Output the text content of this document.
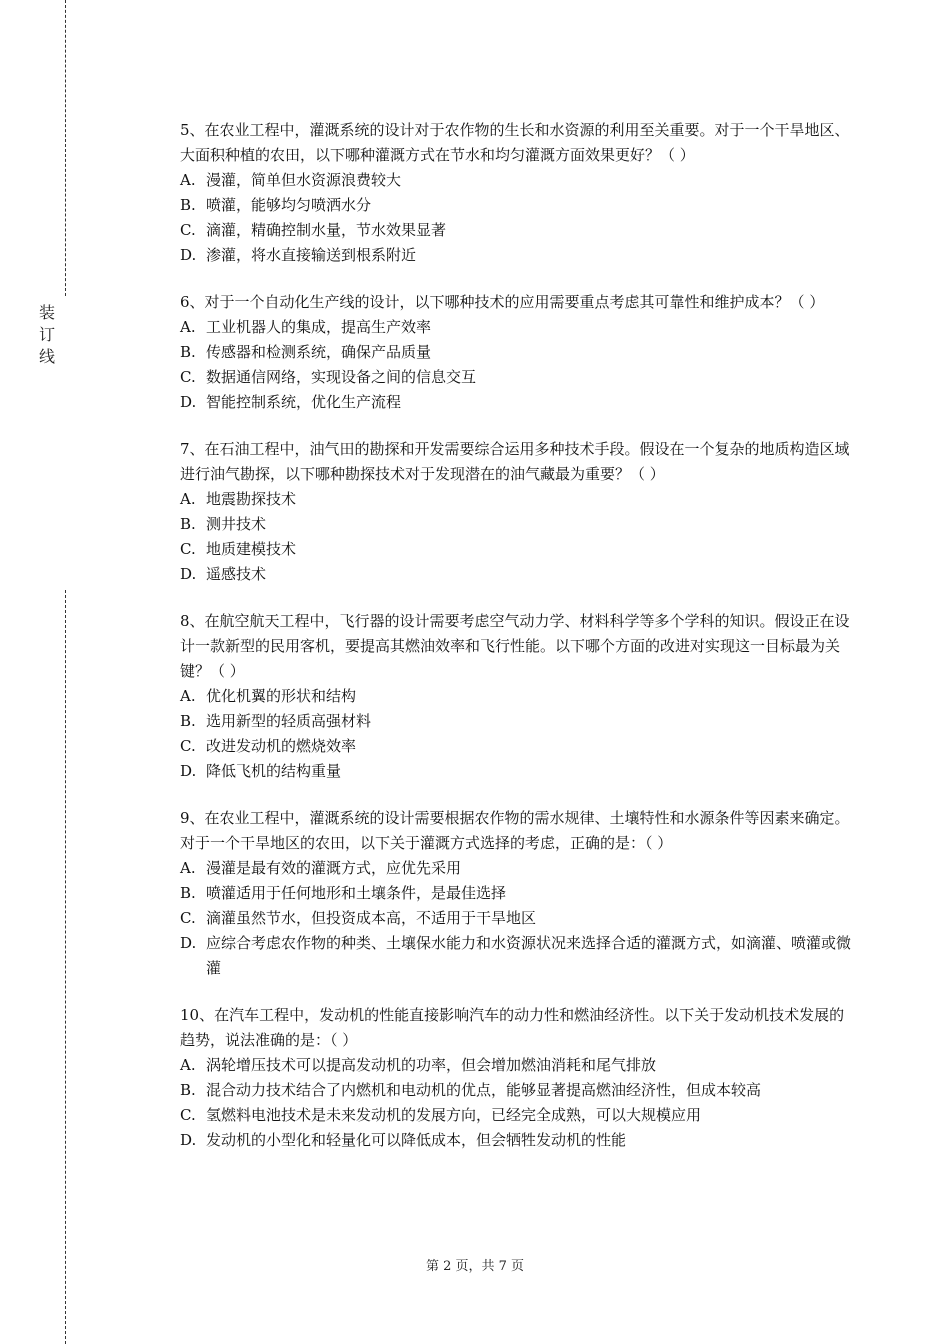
装
订
线

5、在农业工程中，灌溉系统的设计对于农作物的生长和水资源的利用至关重要。对于一个干旱地区、大面积种植的农田，以下哪种灌溉方式在节水和均匀灌溉方面效果更好？（ ）

A. 漫灌，简单但水资源浪费较大

B. 喷灌，能够均匀喷洒水分

C. 滴灌，精确控制水量，节水效果显著

D. 渗灌，将水直接输送到根系附近

6、对于一个自动化生产线的设计，以下哪种技术的应用需要重点考虑其可靠性和维护成本？（ ）

A. 工业机器人的集成，提高生产效率

B. 传感器和检测系统，确保产品质量

C. 数据通信网络，实现设备之间的信息交互

D. 智能控制系统，优化生产流程

7、在石油工程中，油气田的勘探和开发需要综合运用多种技术手段。假设在一个复杂的地质构造区域进行油气勘探，以下哪种勘探技术对于发现潜在的油气藏最为重要？（ ）

A. 地震勘探技术

B. 测井技术

C. 地质建模技术

D. 遥感技术

8、在航空航天工程中，飞行器的设计需要考虑空气动力学、材料科学等多个学科的知识。假设正在设计一款新型的民用客机，要提高其燃油效率和飞行性能。以下哪个方面的改进对实现这一目标最为关键？（ ）

A. 优化机翼的形状和结构

B. 选用新型的轻质高强材料

C. 改进发动机的燃烧效率

D. 降低飞机的结构重量

9、在农业工程中，灌溉系统的设计需要根据农作物的需水规律、土壤特性和水源条件等因素来确定。对于一个干旱地区的农田，以下关于灌溉方式选择的考虑，正确的是：（ ）

A. 漫灌是最有效的灌溉方式，应优先采用

B. 喷灌适用于任何地形和土壤条件，是最佳选择

C. 滴灌虽然节水，但投资成本高，不适用于干旱地区

D. 应综合考虑农作物的种类、土壤保水能力和水资源状况来选择合适的灌溉方式，如滴灌、喷灌或微灌

10、在汽车工程中，发动机的性能直接影响汽车的动力性和燃油经济性。以下关于发动机技术发展的趋势，说法准确的是：（ ）

A. 涡轮增压技术可以提高发动机的功率，但会增加燃油消耗和尾气排放

B. 混合动力技术结合了内燃机和电动机的优点，能够显著提高燃油经济性，但成本较高

C. 氢燃料电池技术是未来发动机的发展方向，已经完全成熟，可以大规模应用

D. 发动机的小型化和轻量化可以降低成本，但会牺牲发动机的性能

第 2 页，共 7 页
